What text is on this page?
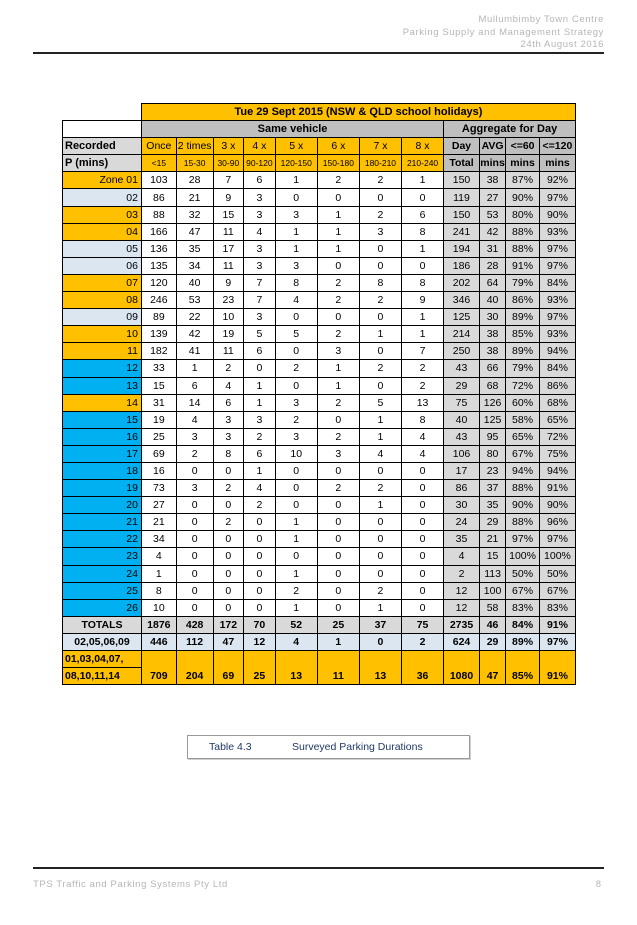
Mullumbimby Town Centre
Parking Supply and Management Strategy
24th August 2016
	Tue 29 Sept 2015 (NSW & QLD school holidays)											
	Same vehicle								Aggregate for Day			
Recorded	Once	2 times	3 x	4 x	5 x	6 x	7 x	8 x	Day	AVG	<=60	<=120
P (mins)	<15	15-30	30-90	90-120	120-150	150-180	180-210	210-240	Total	mins	mins	mins
Zone 01	103	28	7	6	1	2	2	1	150	38	87%	92%
02	86	21	9	3	0	0	0	0	119	27	90%	97%
03	88	32	15	3	3	1	2	6	150	53	80%	90%
04	166	47	11	4	1	1	3	8	241	42	88%	93%
05	136	35	17	3	1	1	0	1	194	31	88%	97%
06	135	34	11	3	3	0	0	0	186	28	91%	97%
07	120	40	9	7	8	2	8	8	202	64	79%	84%
08	246	53	23	7	4	2	2	9	346	40	86%	93%
09	89	22	10	3	0	0	0	1	125	30	89%	97%
10	139	42	19	5	5	2	1	1	214	38	85%	93%
11	182	41	11	6	0	3	0	7	250	38	89%	94%
12	33	1	2	0	2	1	2	2	43	66	79%	84%
13	15	6	4	1	0	1	0	2	29	68	72%	86%
14	31	14	6	1	3	2	5	13	75	126	60%	68%
15	19	4	3	3	2	0	1	8	40	125	58%	65%
16	25	3	3	2	3	2	1	4	43	95	65%	72%
17	69	2	8	6	10	3	4	4	106	80	67%	75%
18	16	0	0	1	0	0	0	0	17	23	94%	94%
19	73	3	2	4	0	2	2	0	86	37	88%	91%
20	27	0	0	2	0	0	1	0	30	35	90%	90%
21	21	0	2	0	1	0	0	0	24	29	88%	96%
22	34	0	0	0	1	0	0	0	35	21	97%	97%
23	4	0	0	0	0	0	0	0	4	15	100%	100%
24	1	0	0	0	1	0	0	0	2	113	50%	50%
25	8	0	0	0	2	0	2	0	12	100	67%	67%
26	10	0	0	0	1	0	1	0	12	58	83%	83%
TOTALS	1876	428	172	70	52	25	37	75	2735	46	84%	91%
02,05,06,09	446	112	47	12	4	1	0	2	624	29	89%	97%
01,03,04,07,												
08,10,11,14	709	204	69	25	13	11	13	36	1080	47	85%	91%
Table 4.3	Surveyed Parking Durations
TPS Traffic and Parking Systems Pty Ltd	8
